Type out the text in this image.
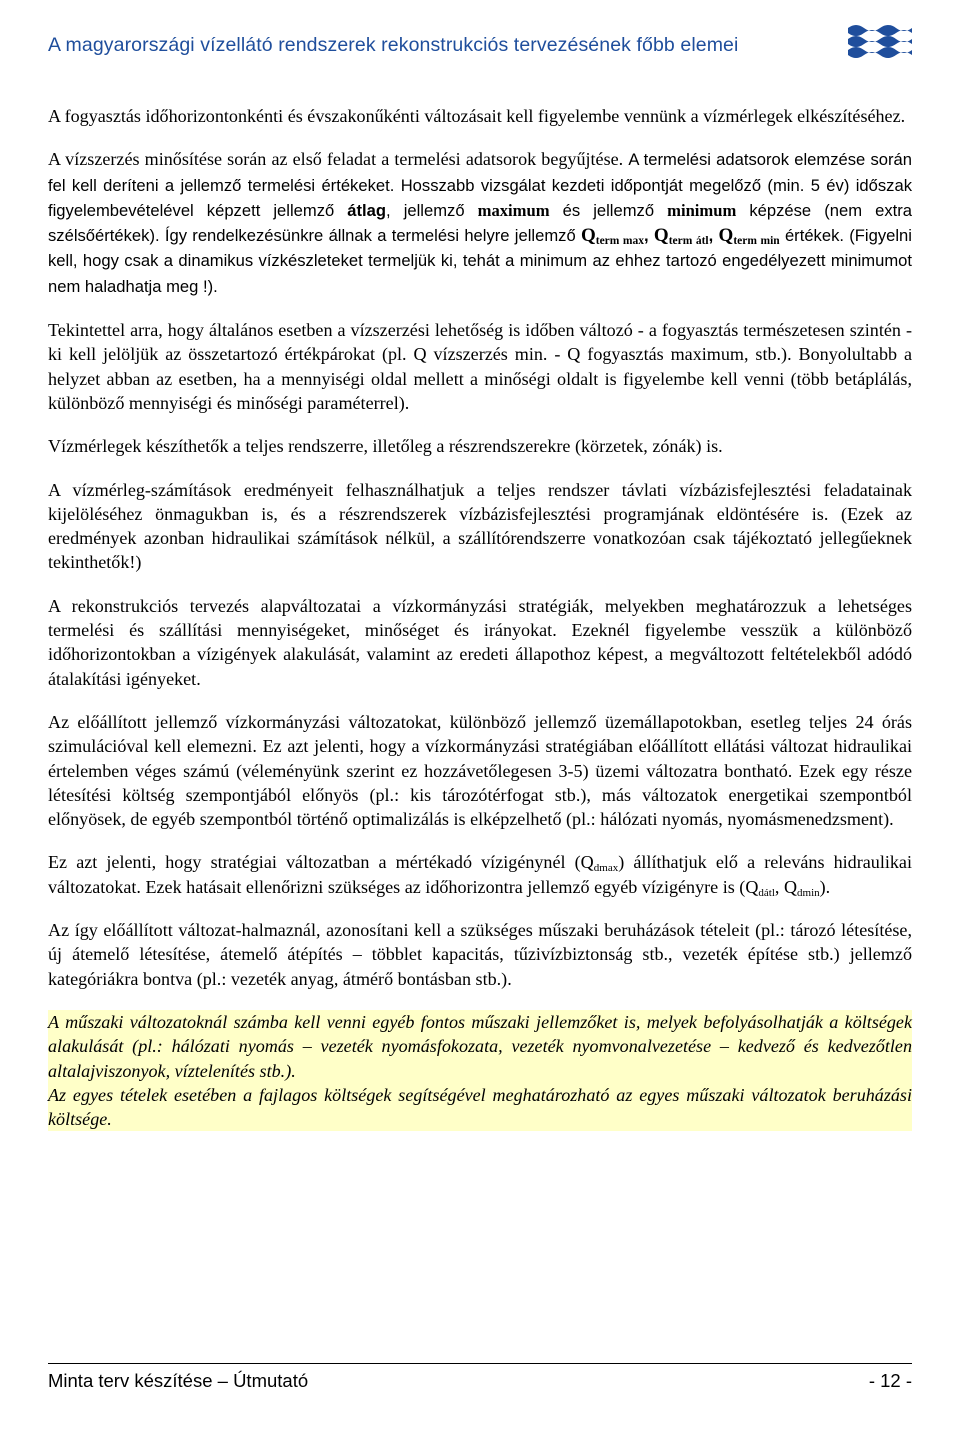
A magyarországi vízellátó rendszerek rekonstrukciós tervezésének főbb elemei

A fogyasztás időhorizontonkénti és évszakonűkénti változásait kell figyelembe vennünk a vízmérlegek elkészítéséhez.

A vízszerzés minősítése során az első feladat a termelési adatsorok begyűjtése. A termelési adatsorok elemzése során fel kell deríteni a jellemző termelési értékeket. Hosszabb vizsgálat kezdeti időpontját megelőző (min. 5 év) időszak figyelembevételével képzett jellemző átlag, jellemző maximum és jellemző minimum képzése (nem extra szélsőértékek). Így rendelkezésünkre állnak a termelési helyre jellemző $Q_{term max}$, $Q_{term átl}$, $Q_{term min}$ értékek. (Figyelni kell, hogy csak a dinamikus vízkészleteket termeljük ki, tehát a minimum az ehhez tartozó engedélyezett minimumot nem haladhatja meg !).

Tekintettel arra, hogy általános esetben a vízszerzési lehetőség is időben változó - a fogyasztás természetesen szintén - ki kell jelöljük az összetartozó értékpárokat (pl. Q vízszerzés min. - Q fogyasztás maximum, stb.). Bonyolultabb a helyzet abban az esetben, ha a mennyiségi oldal mellett a minőségi oldalt is figyelembe kell venni (több betáplálás, különböző mennyiségi és minőségi paraméterrel).

Vízmérlegek készíthetők a teljes rendszerre, illetőleg a részrendszerekre (körzetek, zónák) is.

A vízmérleg-számítások eredményeit felhasználhatjuk a teljes rendszer távlati vízbázisfejlesztési feladatainak kijelöléséhez önmagukban is, és a részrendszerek vízbázisfejlesztési programjának eldöntésére is. (Ezek az eredmények azonban hidraulikai számítások nélkül, a szállítórendszerre vonatkozóan csak tájékoztató jellegűeknek tekinthetők!)

A rekonstrukciós tervezés alapváltozatai a vízkormányzási stratégiák, melyekben meghatározzuk a lehetséges termelési és szállítási mennyiségeket, minőséget és irányokat. Ezeknél figyelembe vesszük a különböző időhorizontokban a vízigények alakulását, valamint az eredeti állapothoz képest, a megváltozott feltételekből adódó átalakítási igényeket.

Az előállított jellemző vízkormányzási változatokat, különböző jellemző üzemállapotokban, esetleg teljes 24 órás szimulációval kell elemezni. Ez azt jelenti, hogy a vízkormányzási stratégiában előállított ellátási változat hidraulikai értelemben véges számú (véleményünk szerint ez hozzávetőlegesen 3-5) üzemi változatra bontható. Ezek egy része létesítési költség szempontjából előnyös (pl.: kis tározótérfogat stb.), más változatok energetikai szempontból előnyösek, de egyéb szempontból történő optimalizálás is elképzelhető (pl.: hálózati nyomás, nyomásmenedzsment).

Ez azt jelenti, hogy stratégiai változatban a mértékadó vízigénynél $(Q_{dmax})$ állíthatjuk elő a releváns hidraulikai változatokat. Ezek hatásait ellenőrizni szükséges az időhorizontra jellemző egyéb vízigényre is ($Q_{dátl}$, $Q_{dmin}$).

Az így előállított változat-halmaznál, azonosítani kell a szükséges műszaki beruházások tételeit (pl.: tározó létesítése, új átemelő létesítése, átemelő átépítés – többlet kapacitás, tűzivízbiztonság stb., vezeték építése stb.) jellemző kategóriákra bontva (pl.: vezeték anyag, átmérő bontásban stb.).

A műszaki változatoknál számba kell venni egyéb fontos műszaki jellemzőket is, melyek befolyásolhatják a költségek alakulását (pl.: hálózati nyomás – vezeték nyomásfokozata, vezeték nyomvonalvezetése – kedvező és kedvezőtlen altalajviszonyok, víztelenítés stb.).

Az egyes tételek esetében a fajlagos költségek segítségével meghatározható az egyes műszaki változatok beruházási költsége.

Minta terv készítése – Útmutató	- 12 -
